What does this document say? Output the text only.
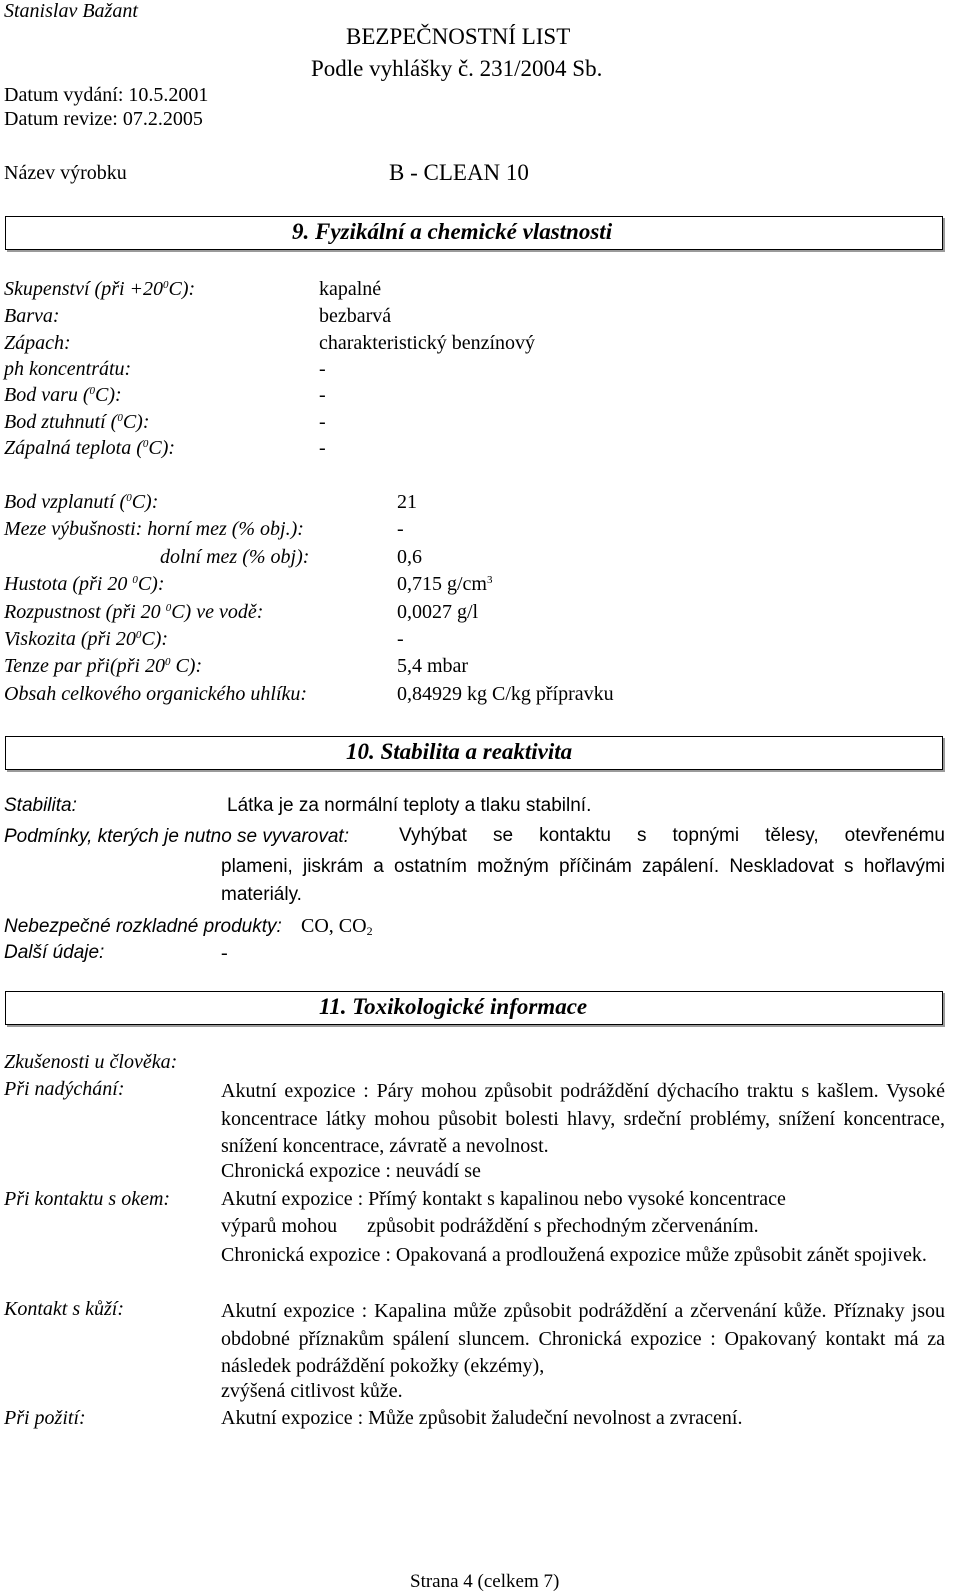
Stanislav Bažant
BEZPEČNOSTNÍ LIST
Podle vyhlášky č. 231/2004 Sb.
Datum vydání: 10.5.2001
Datum revize: 07.2.2005
Název výrobku	B - CLEAN 10
9. Fyzikální a chemické vlastnosti
Skupenství (při $+20^0C$):	kapalné
Barva:	bezbarvá
Zápach:	charakteristický benzínový
ph koncentrátu:	-
Bod varu ($^0$C):	-
Bod ztuhnutí ($^0$C):	-
Zápalná teplota ($^0$C):	-
Bod vzplanutí ($^0$C):	21
Meze výbušnosti: horní mez (% obj.):	-
dolní mez (% obj):	0,6
Hustota (při 20 $^0$C):	0,715 $g/cm^3$
Rozpustnost (při 20 $^0$C) ve vodě:	0,0027 g/l
Viskozita (při $20^0C$):	-
Tenze par při(při $20^0$ C):	5,4 mbar
Obsah celkového organického uhlíku:	0,84929 kg C/kg přípravku
10. Stabilita a reaktivita
Stabilita:	Látka je za normální teploty a tlaku stabilní.
Podmínky, kterých je nutno se vyvarovat:	Vyhýbat se kontaktu s topnými tělesy, otevřenému
plameni, jiskrám a ostatním možným příčinám zapálení. Neskladovat s hořlavými materiály.
Nebezpečné rozkladné produkty: CO, $CO_2$
Další údaje:	-
11. Toxikologické informace
Zkušenosti u člověka:
Při nadýchání:	Akutní expozice : Páry mohou způsobit podráždění dýchacího traktu s kašlem. Vysoké koncentrace látky mohou působit bolesti hlavy, srdeční problémy, snížení koncentrace, snížení koncentrace, závratě a nevolnost.
Chronická expozice : neuvádí se
Při kontaktu s okem:	Akutní expozice : Přímý kontakt s kapalinou nebo vysoké koncentrace
výparů mohou      způsobit podráždění s přechodným zčervenáním.
Chronická expozice : Opakovaná a prodloužená expozice může způsobit zánět spojivek.
Kontakt s kůží:	Akutní expozice : Kapalina může způsobit podráždění a zčervenání kůže. Příznaky jsou obdobné příznakům spálení sluncem. Chronická expozice : Opakovaný kontakt má za následek podráždění pokožky (ekzémy),
zvýšená citlivost kůže.
Při požití:	Akutní expozice : Může způsobit žaludeční nevolnost a zvracení.
Strana 4 (celkem 7)
